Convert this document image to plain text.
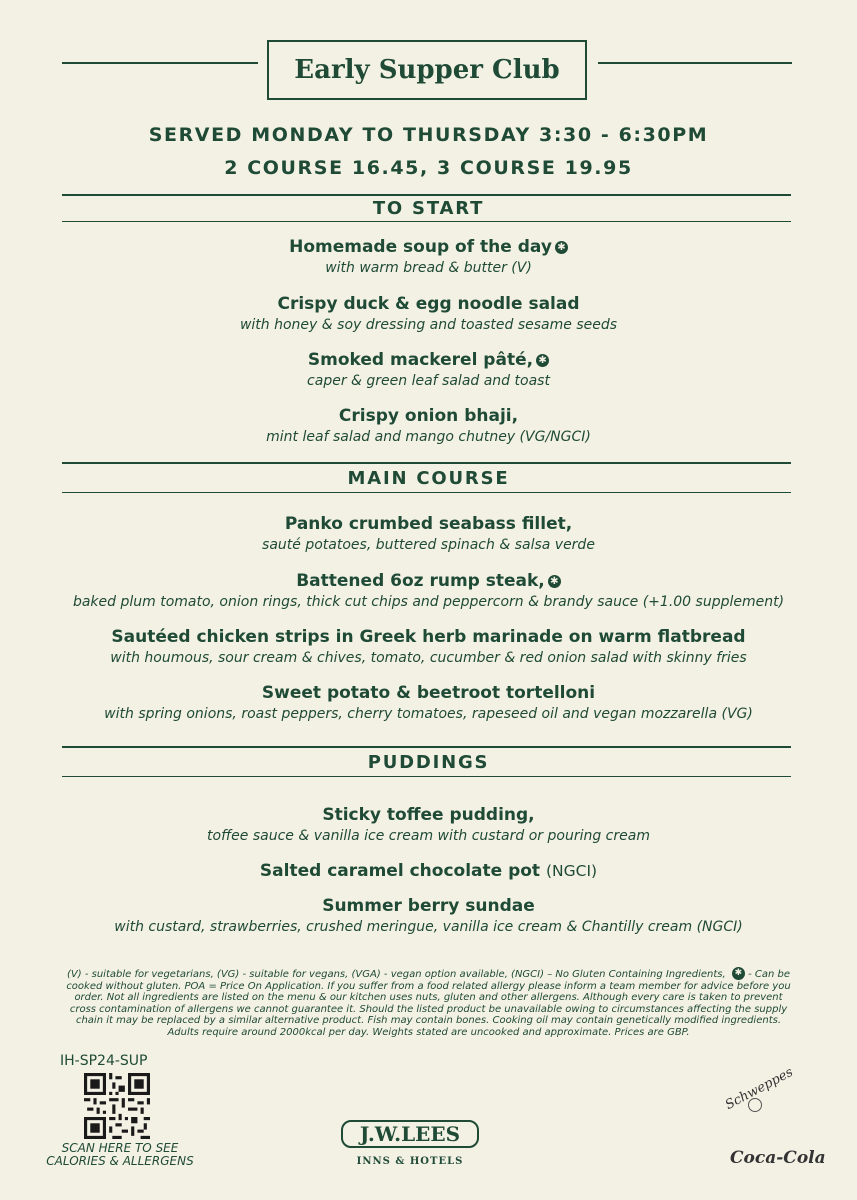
Early Supper Club
SERVED MONDAY TO THURSDAY 3:30 - 6:30PM
2 COURSE 16.45, 3 COURSE 19.95
TO START
Homemade soup of the day ✱
with warm bread & butter (V)
Crispy duck & egg noodle salad
with honey & soy dressing and toasted sesame seeds
Smoked mackerel pâté, ✱
caper & green leaf salad and toast
Crispy onion bhaji,
mint leaf salad and mango chutney (VG/NGCI)
MAIN COURSE
Panko crumbed seabass fillet,
sauté potatoes, buttered spinach & salsa verde
Battened 6oz rump steak, ✱
baked plum tomato, onion rings, thick cut chips and peppercorn & brandy sauce (+1.00 supplement)
Sautéed chicken strips in Greek herb marinade on warm flatbread
with houmous, sour cream & chives, tomato, cucumber & red onion salad with skinny fries
Sweet potato & beetroot tortelloni
with spring onions, roast peppers, cherry tomatoes, rapeseed oil and vegan mozzarella (VG)
PUDDINGS
Sticky toffee pudding,
toffee sauce & vanilla ice cream with custard or pouring cream
Salted caramel chocolate pot (NGCI)
Summer berry sundae
with custard, strawberries, crushed meringue, vanilla ice cream & Chantilly cream (NGCI)
(V) - suitable for vegetarians, (VG) - suitable for vegans, (VGA) - vegan option available, (NGCI) – No Gluten Containing Ingredients, ✱ - Can be cooked without gluten. POA = Price On Application. If you suffer from a food related allergy please inform a team member for advice before you order. Not all ingredients are listed on the menu & our kitchen uses nuts, gluten and other allergens. Although every care is taken to prevent cross contamination of allergens we cannot guarantee it. Should the listed product be unavailable owing to circumstances affecting the supply chain it may be replaced by a similar alternative product. Fish may contain bones. Cooking oil may contain genetically modified ingredients. Adults require around 2000kcal per day. Weights stated are uncooked and approximate. Prices are GBP.
IH-SP24-SUP
SCAN HERE TO SEE
CALORIES & ALLERGENS
J.W.LEES
INNS & HOTELS
Schweppes
Coca-Cola
